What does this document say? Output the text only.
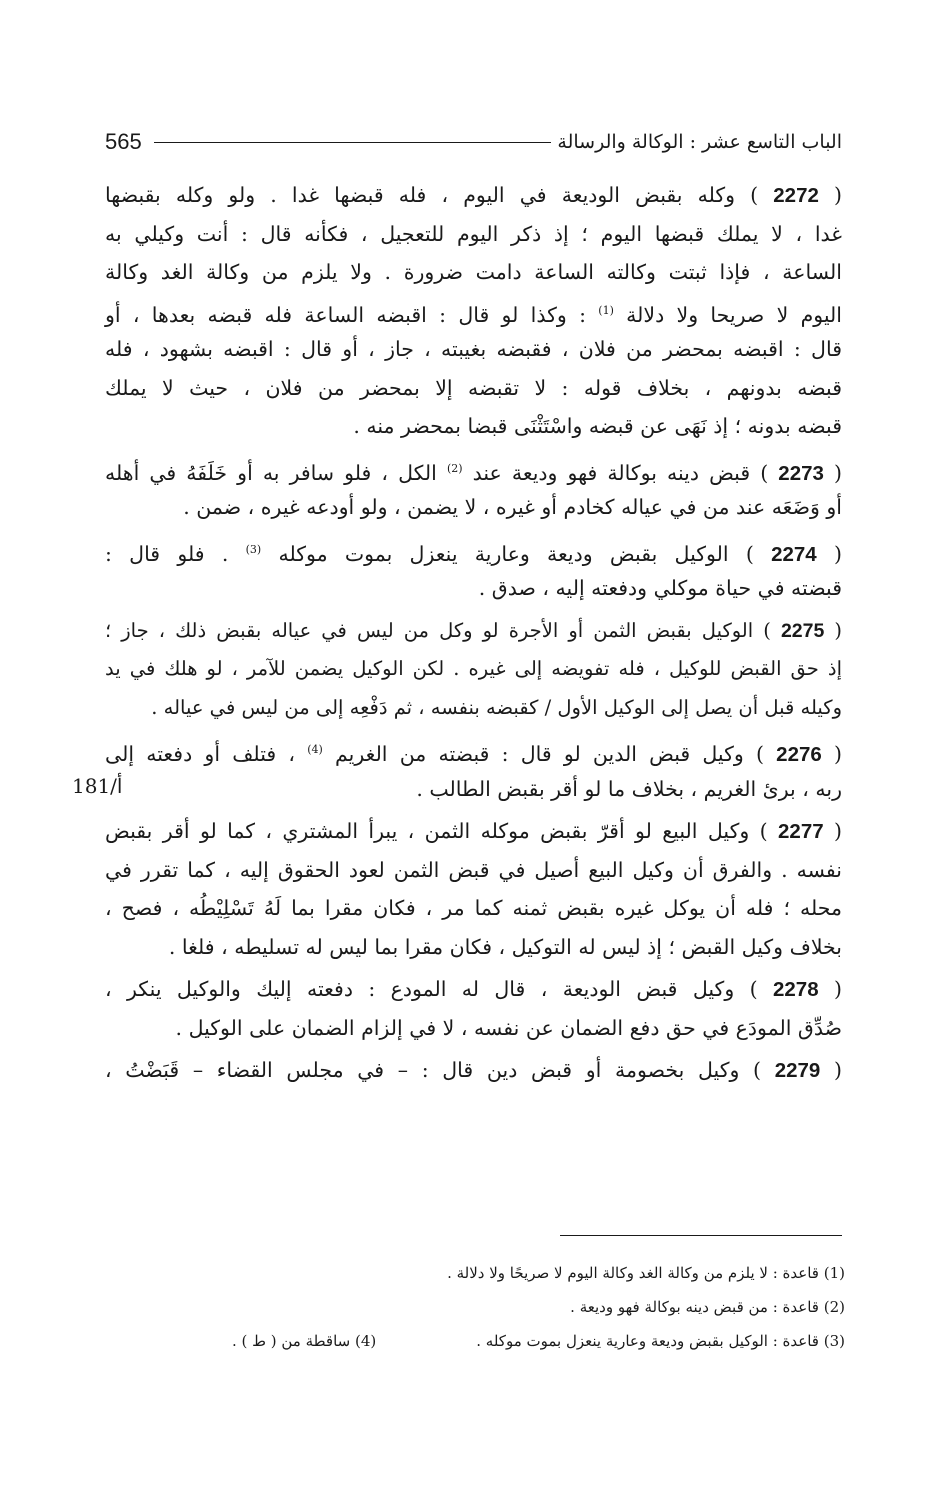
565	الباب التاسع عشر : الوكالة والرسالة
181/أ
( 2272 ) وكله بقبض الوديعة في اليوم ، فله قبضها غدا . ولو وكله بقبضها
غدا ، لا يملك قبضها اليوم ؛ إذ ذكر اليوم للتعجيل ، فكأنه قال : أنت وكيلي به
الساعة ، فإذا ثبتت وكالته الساعة دامت ضرورة . ولا يلزم من وكالة الغد وكالة
اليوم لا صريحا ولا دلالة $^{(1)}$ : وكذا لو قال : اقبضه الساعة فله قبضه بعدها ، أو
قال : اقبضه بمحضر من فلان ، فقبضه بغيبته ، جاز ، أو قال : اقبضه بشهود ، فله
قبضه بدونهم ، بخلاف قوله : لا تقبضه إلا بمحضر من فلان ، حيث لا يملك
قبضه بدونه ؛ إذ نَهَى عن قبضه واسْتَثْنَى قبضا بمحضر منه .
( 2273 ) قبض دينه بوكالة فهو وديعة عند $^{(2)}$ الكل ، فلو سافر به أو خَلَفَهُ في أهله
أو وَضَعَه عند من في عياله كخادم أو غيره ، لا يضمن ، ولو أودعه غيره ، ضمن .
( 2274 ) الوكيل بقبض وديعة وعارية ينعزل بموت موكله $^{(3)}$ . فلو قال :
قبضته في حياة موكلي ودفعته إليه ، صدق .
( 2275 ) الوكيل بقبض الثمن أو الأجرة لو وكل من ليس في عياله بقبض ذلك ، جاز ؛
إذ حق القبض للوكيل ، فله تفويضه إلى غيره . لكن الوكيل يضمن للآمر ، لو هلك في يد
وكيله قبل أن يصل إلى الوكيل الأول / كقبضه بنفسه ، ثم دَفْعِه إلى من ليس في عياله .
( 2276 ) وكيل قبض الدين لو قال : قبضته من الغريم $^{(4)}$ ، فتلف أو دفعته إلى
ربه ، برئ الغريم ، بخلاف ما لو أقر بقبض الطالب .
( 2277 ) وكيل البيع لو أقرّ بقبض موكله الثمن ، يبرأ المشتري ، كما لو أقر بقبض
نفسه . والفرق أن وكيل البيع أصيل في قبض الثمن لعود الحقوق إليه ، كما تقرر في
محله ؛ فله أن يوكل غيره بقبض ثمنه كما مر ، فكان مقرا بما لَهُ تَسْلِيْطُه ، فصح ،
بخلاف وكيل القبض ؛ إذ ليس له التوكيل ، فكان مقرا بما ليس له تسليطه ، فلغا .
( 2278 ) وكيل قبض الوديعة ، قال له المودع : دفعته إليك والوكيل ينكر ،
صُدِّق المودَع في حق دفع الضمان عن نفسه ، لا في إلزام الضمان على الوكيل .
( 2279 ) وكيل بخصومة أو قبض دين قال : – في مجلس القضاء – قَبَضْتُ ،
(1) قاعدة : لا يلزم من وكالة الغد وكالة اليوم لا صريحًا ولا دلالة .
(2) قاعدة : من قبض دينه بوكالة فهو وديعة .
(3) قاعدة : الوكيل بقبض وديعة وعارية ينعزل بموت موكله .
(4) ساقطة من ( ط ) .
